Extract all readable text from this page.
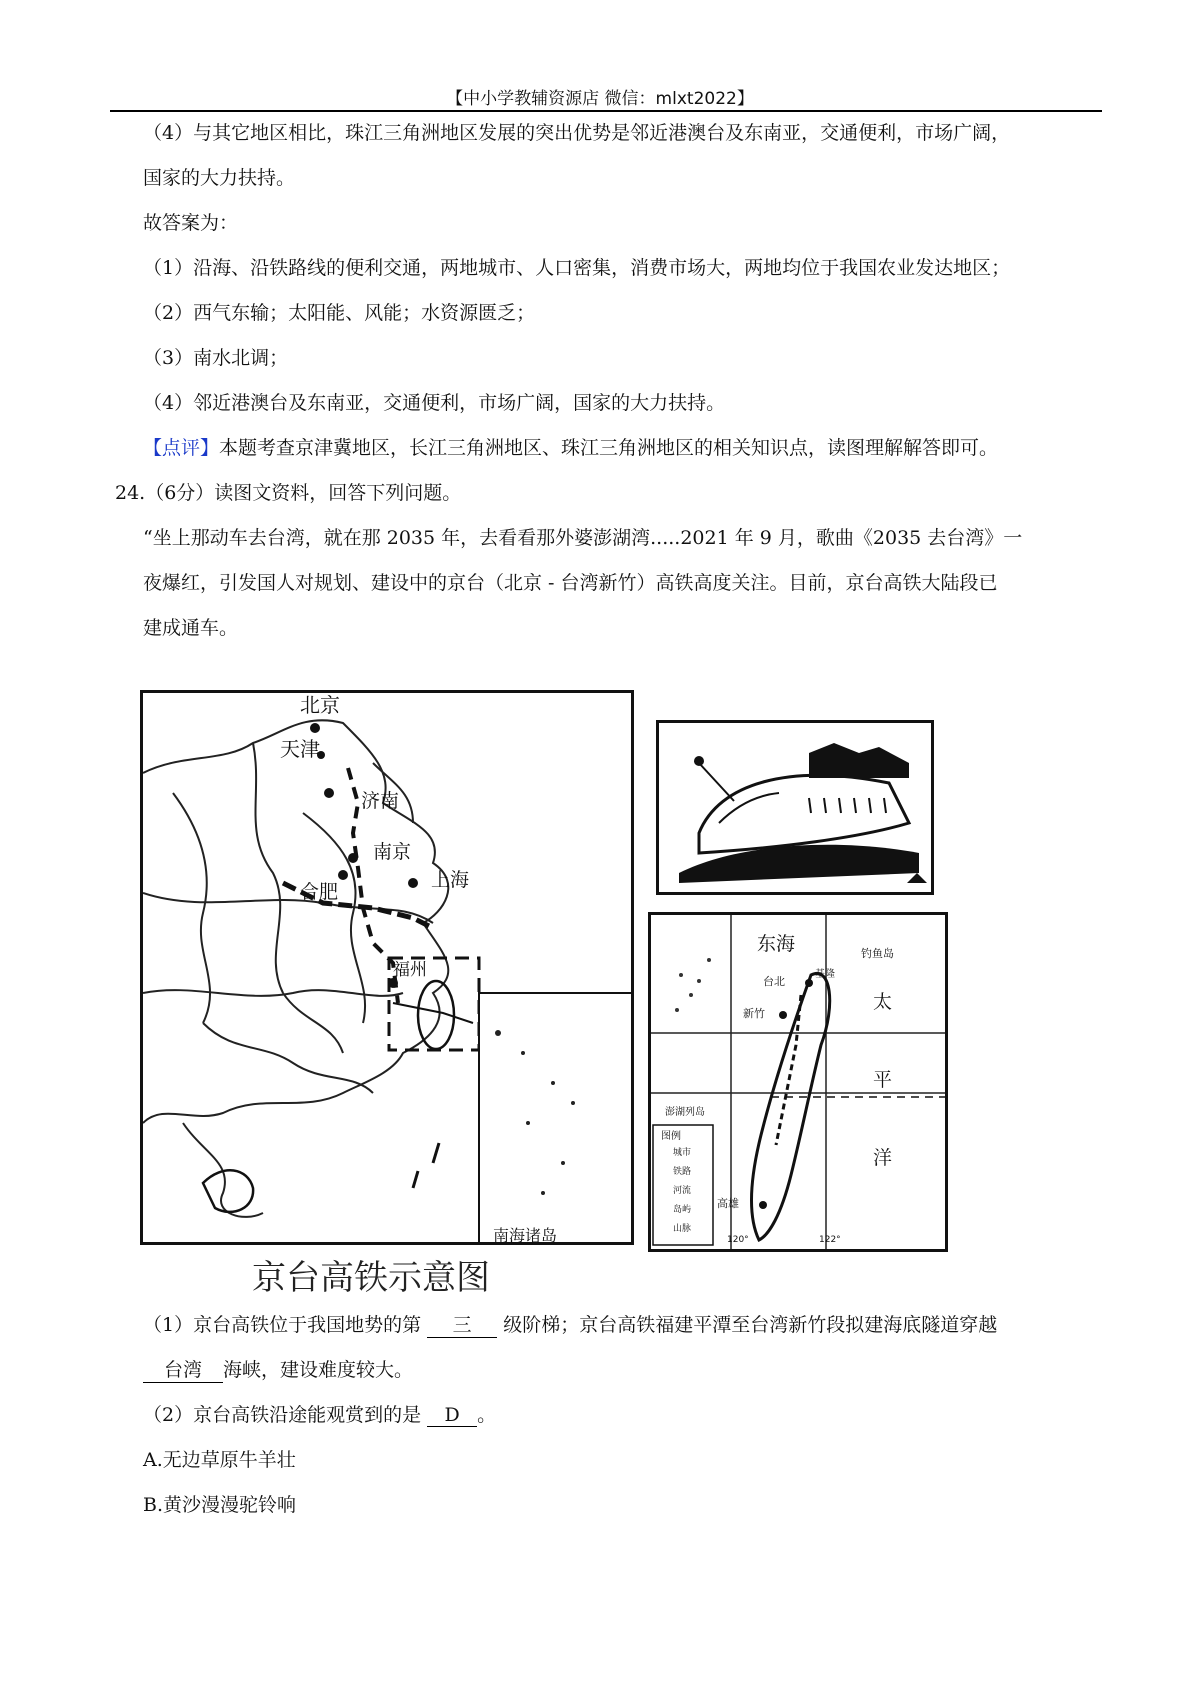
【中小学教辅资源店 微信：mlxt2022】
（4）与其它地区相比，珠江三角洲地区发展的突出优势是邻近港澳台及东南亚，交通便利，市场广阔，
国家的大力扶持。
故答案为：
（1）沿海、沿铁路线的便利交通，两地城市、人口密集，消费市场大，两地均位于我国农业发达地区；
（2）西气东输；太阳能、风能；水资源匮乏；
（3）南水北调；
（4）邻近港澳台及东南亚，交通便利，市场广阔，国家的大力扶持。
【点评】本题考查京津冀地区，长江三角洲地区、珠江三角洲地区的相关知识点，读图理解解答即可。
24.（6分）读图文资料，回答下列问题。
“坐上那动车去台湾，就在那 2035 年，去看看那外婆澎湖湾.....2021 年 9 月，歌曲《2035 去台湾》一
夜爆红，引发国人对规划、建设中的京台（北京 - 台湾新竹）高铁高度关注。目前，京台高铁大陆段已
建成通车。
北京
天津
济南
南京
合肥
上海
福州
南海诸岛
东海	钓鱼岛
太
平
洋
台北
基隆
新竹
澎湖列岛
高雄
图例
城市
铁路
河流
岛屿
山脉
120°	122°
京台高铁示意图
（1）京台高铁位于我国地势的第 三 级阶梯；京台高铁福建平潭至台湾新竹段拟建海底隧道穿越
台湾 海峡，建设难度较大。
（2）京台高铁沿途能观赏到的是 D 。
A.无边草原牛羊壮
B.黄沙漫漫驼铃响
